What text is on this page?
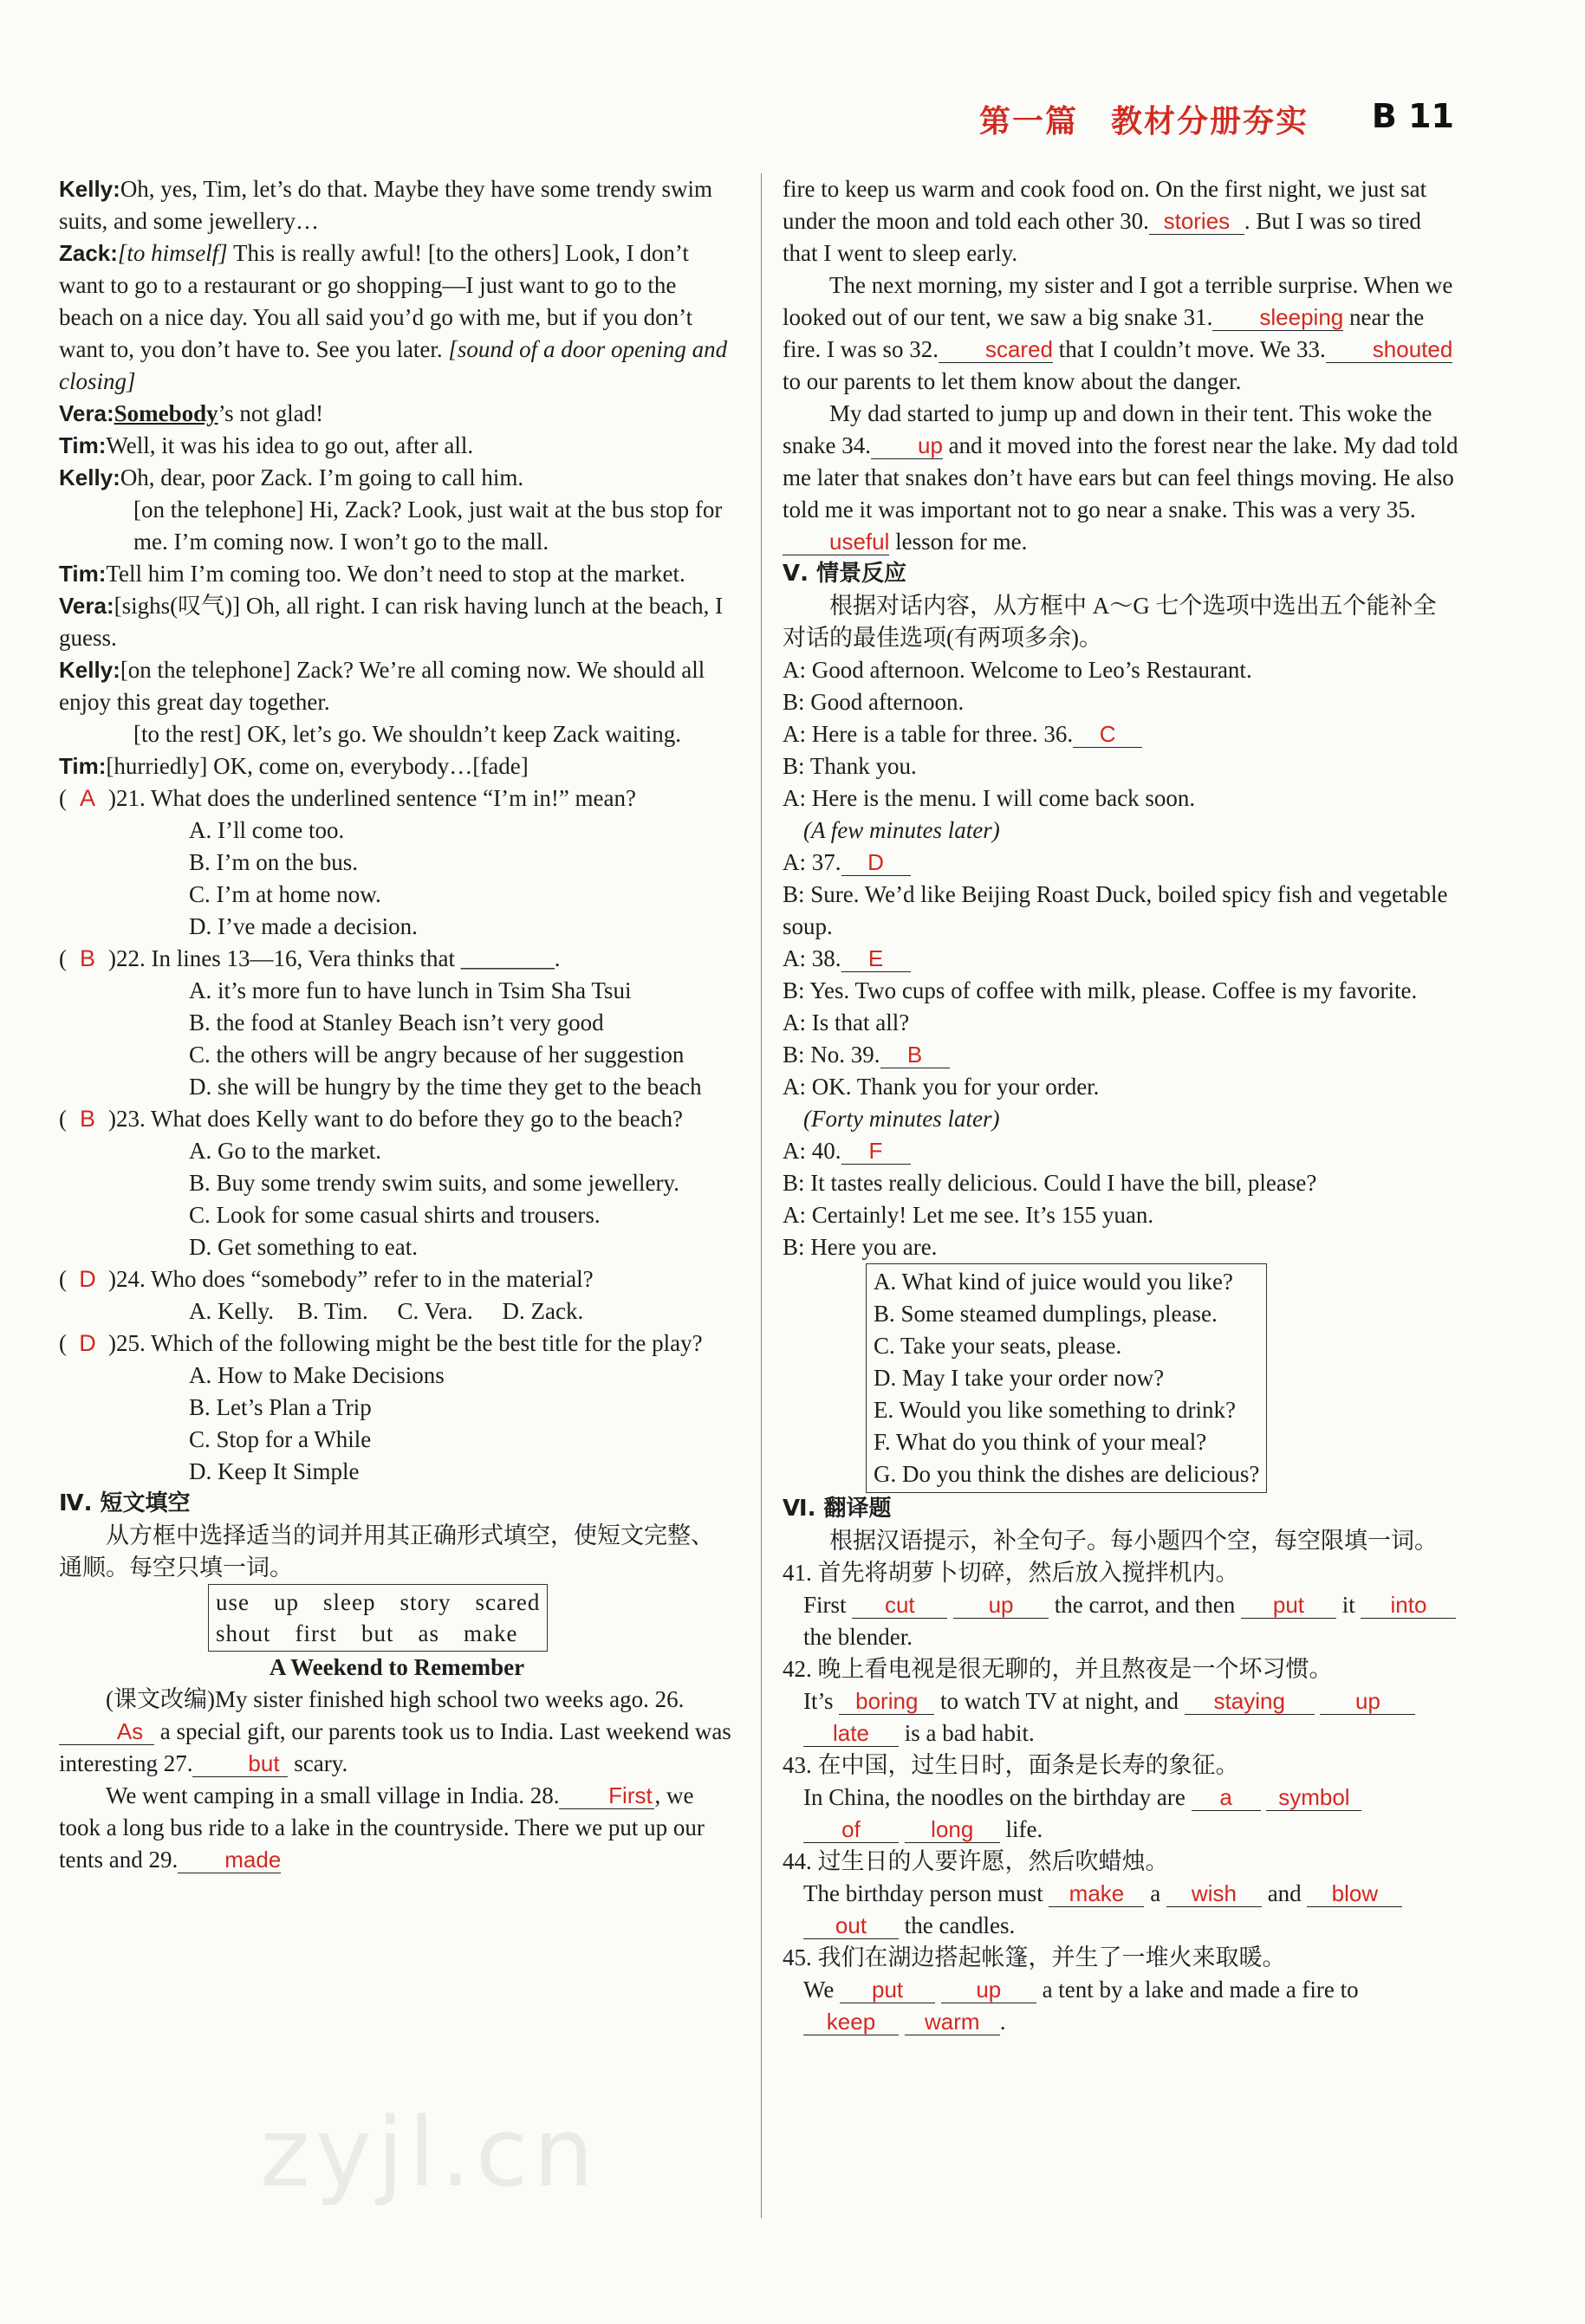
第一篇　教材分册夯实 B 11

Kelly:Oh, yes, Tim, let’s do that. Maybe they have some trendy swim suits, and some jewellery…

Zack:[to himself] This is really awful! [to the others] Look, I don’t want to go to a restaurant or go shopping—I just want to go to the beach on a nice day. You all said you’d go with me, but if you don’t want to, you don’t have to. See you later. [sound of a door opening and closing]

Vera:Somebody’s not glad!

Tim:Well, it was his idea to go out, after all.

Kelly:Oh, dear, poor Zack. I’m going to call him.

[on the telephone] Hi, Zack? Look, just wait at the bus stop for me. I’m coming now. I won’t go to the mall.

Tim:Tell him I’m coming too. We don’t need to stop at the market.

Vera:[sighs(叹气)] Oh, all right. I can risk having lunch at the beach, I guess.

Kelly:[on the telephone] Zack? We’re all coming now. We should all enjoy this great day together.

[to the rest] OK, let’s go. We shouldn’t keep Zack waiting.

Tim:[hurriedly] OK, come on, everybody…[fade]

( A )21. What does the underlined sentence “I’m in!” mean?

A. I’ll come too.

B. I’m on the bus.

C. I’m at home now.

D. I’ve made a decision.

( B )22. In lines 13—16, Vera thinks that ________.

A. it’s more fun to have lunch in Tsim Sha Tsui

B. the food at Stanley Beach isn’t very good

C. the others will be angry because of her suggestion

D. she will be hungry by the time they get to the beach

( B )23. What does Kelly want to do before they go to the beach?

A. Go to the market.

B. Buy some trendy swim suits, and some jewellery.

C. Look for some casual shirts and trousers.

D. Get something to eat.

( D )24. Who does “somebody” refer to in the material?

A. Kelly.　B. Tim.　 C. Vera.　 D. Zack.

( D )25. Which of the following might be the best title for the play?

A. How to Make Decisions

B. Let’s Plan a Trip

C. Stop for a While

D. Keep It Simple

Ⅳ. 短文填空

从方框中选择适当的词并用其正确形式填空，使短文完整、通顺。每空只填一词。

use　up　sleep　story　scared
shout　first　but　as　make

A Weekend to Remember

(课文改编)My sister finished high school two weeks ago. 26.As a special gift, our parents took us to India. Last weekend was interesting 27. but scary.

We went camping in a small village in India. 28. First , we took a long bus ride to a lake in the countryside. There we put up our tents and 29. made

fire to keep us warm and cook food on. On the first night, we just sat under the moon and told each other 30. stories . But I was so tired that I went to sleep early.

The next morning, my sister and I got a terrible surprise. When we looked out of our tent, we saw a big snake 31. sleeping near the fire. I was so 32. scared that I couldn’t move. We 33. shouted to our parents to let them know about the danger.

My dad started to jump up and down in their tent. This woke the snake 34. up and it moved into the forest near the lake. My dad told me later that snakes don’t have ears but can feel things moving. He also told me it was important not to go near a snake. This was a very 35.useful lesson for me.

Ⅴ. 情景反应

根据对话内容，从方框中 A～G 七个选项中选出五个能补全对话的最佳选项(有两项多余)。

A: Good afternoon. Welcome to Leo’s Restaurant.

B: Good afternoon.

A: Here is a table for three. 36. C

B: Thank you.

A: Here is the menu. I will come back soon.

(A few minutes later)

A: 37. D

B: Sure. We’d like Beijing Roast Duck, boiled spicy fish and vegetable soup.

A: 38. E

B: Yes. Two cups of coffee with milk, please. Coffee is my favorite.

A: Is that all?

B: No. 39. B

A: OK. Thank you for your order.

(Forty minutes later)

A: 40. F

B: It tastes really delicious. Could I have the bill, please?

A: Certainly! Let me see. It’s 155 yuan.

B: Here you are.

A. What kind of juice would you like?
B. Some steamed dumplings, please.
C. Take your seats, please.
D. May I take your order now?
E. Would you like something to drink?
F. What do you think of your meal?
G. Do you think the dishes are delicious?

Ⅵ. 翻译题

根据汉语提示，补全句子。每小题四个空，每空限填一词。

41. 首先将胡萝卜切碎，然后放入搅拌机内。

First cut	up the carrot, and then put it into the blender.

42. 晚上看电视是很无聊的，并且熬夜是一个坏习惯。

It’s boring to watch TV at night, and staying	up late is a bad habit.

43. 在中国，过生日时，面条是长寿的象征。

In China, the noodles on the birthday are a symbol of	long life.

44. 过生日的人要许愿，然后吹蜡烛。

The birthday person must make a wish and blow out the candles.

45. 我们在湖边搭起帐篷，并生了一堆火来取暖。

We put	up a tent by a lake and made a fire to keep warm .

zyjl.cn
